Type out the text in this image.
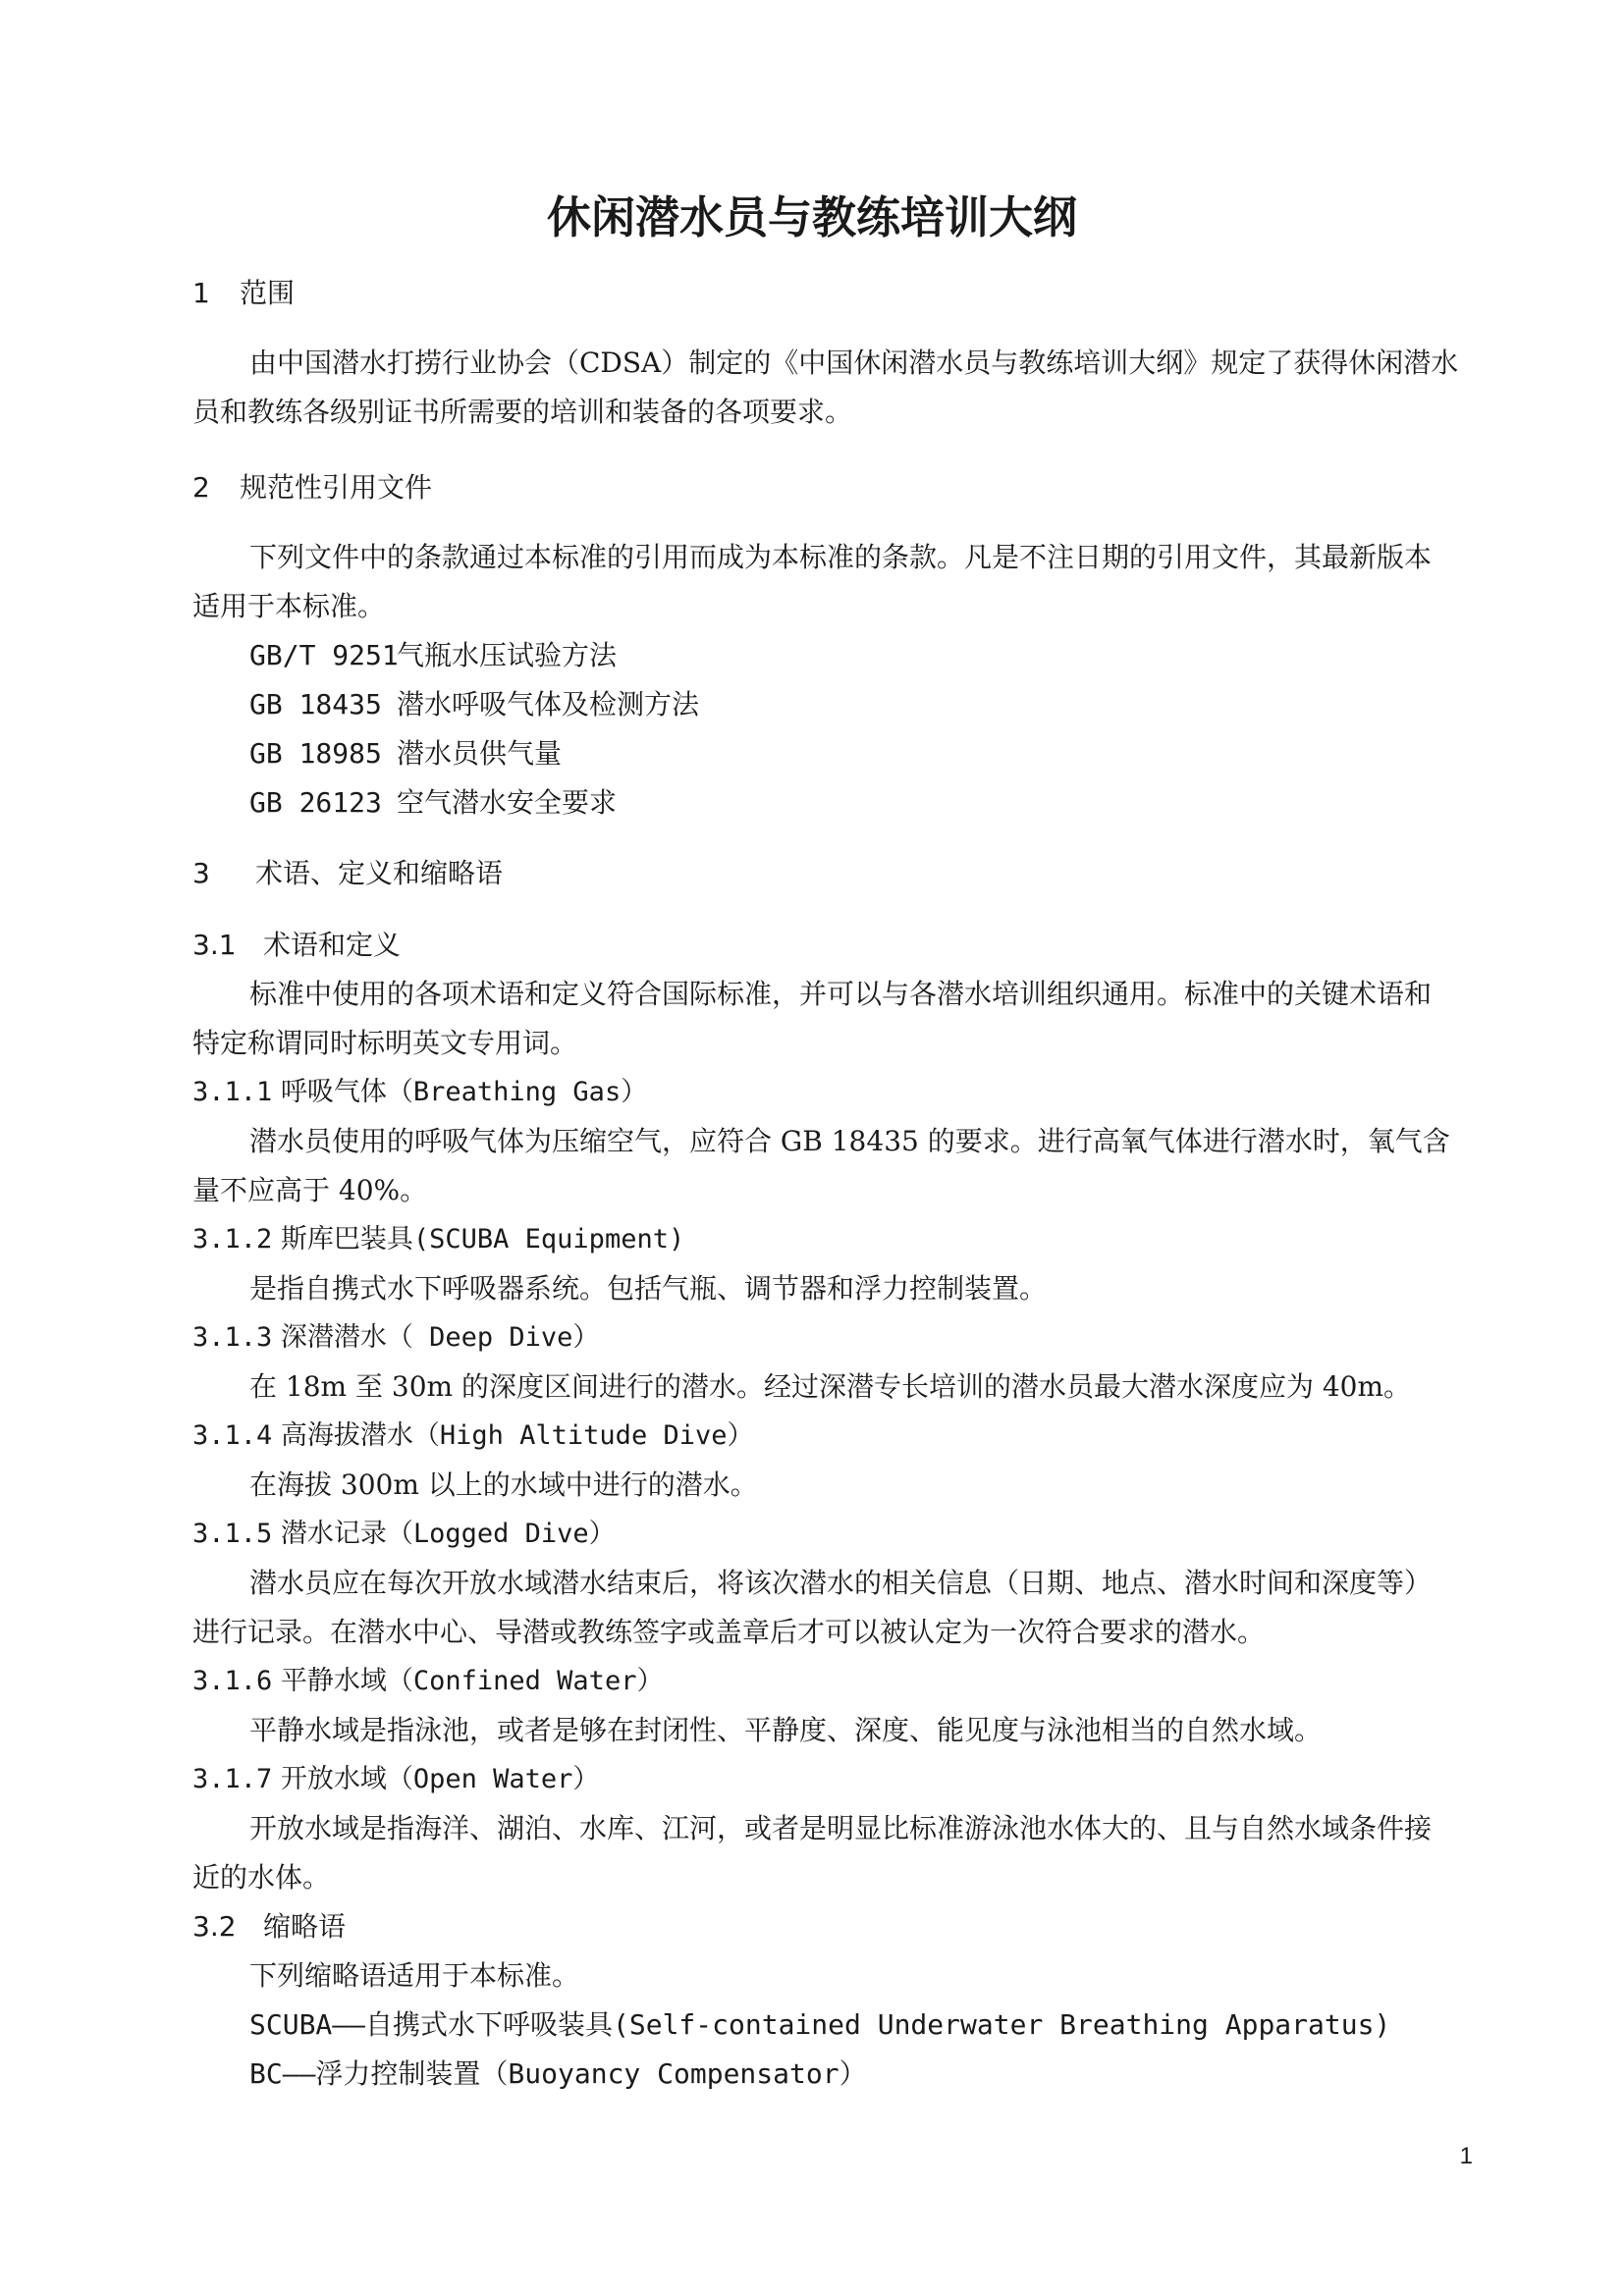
休闲潜水员与教练培训大纲
1 范围
由中国潜水打捞行业协会（CDSA）制定的《中国休闲潜水员与教练培训大纲》规定了获得休闲潜水
员和教练各级别证书所需要的培训和装备的各项要求。
2 规范性引用文件
下列文件中的条款通过本标准的引用而成为本标准的条款。凡是不注日期的引用文件，其最新版本
适用于本标准。
GB/T 9251气瓶水压试验方法
GB 18435 潜水呼吸气体及检测方法
GB 18985 潜水员供气量
GB 26123 空气潜水安全要求
3 术语、定义和缩略语
3.1 术语和定义
标准中使用的各项术语和定义符合国际标准，并可以与各潜水培训组织通用。标准中的关键术语和
特定称谓同时标明英文专用词。
3.1.1 呼吸气体（Breathing Gas）
潜水员使用的呼吸气体为压缩空气，应符合 GB 18435 的要求。进行高氧气体进行潜水时，氧气含
量不应高于 40%。
3.1.2 斯库巴装具(SCUBA Equipment)
是指自携式水下呼吸器系统。包括气瓶、调节器和浮力控制装置。
3.1.3 深潜潜水（ Deep Dive）
在 18m 至 30m 的深度区间进行的潜水。经过深潜专长培训的潜水员最大潜水深度应为 40m。
3.1.4 高海拔潜水（High Altitude Dive）
在海拔 300m 以上的水域中进行的潜水。
3.1.5 潜水记录（Logged Dive）
潜水员应在每次开放水域潜水结束后，将该次潜水的相关信息（日期、地点、潜水时间和深度等）
进行记录。在潜水中心、导潜或教练签字或盖章后才可以被认定为一次符合要求的潜水。
3.1.6 平静水域（Confined Water）
平静水域是指泳池，或者是够在封闭性、平静度、深度、能见度与泳池相当的自然水域。
3.1.7 开放水域（Open Water）
开放水域是指海洋、湖泊、水库、江河，或者是明显比标准游泳池水体大的、且与自然水域条件接
近的水体。
3.2 缩略语
下列缩略语适用于本标准。
SCUBA——自携式水下呼吸装具(Self-contained Underwater Breathing Apparatus)
BC——浮力控制装置（Buoyancy Compensator）
1
